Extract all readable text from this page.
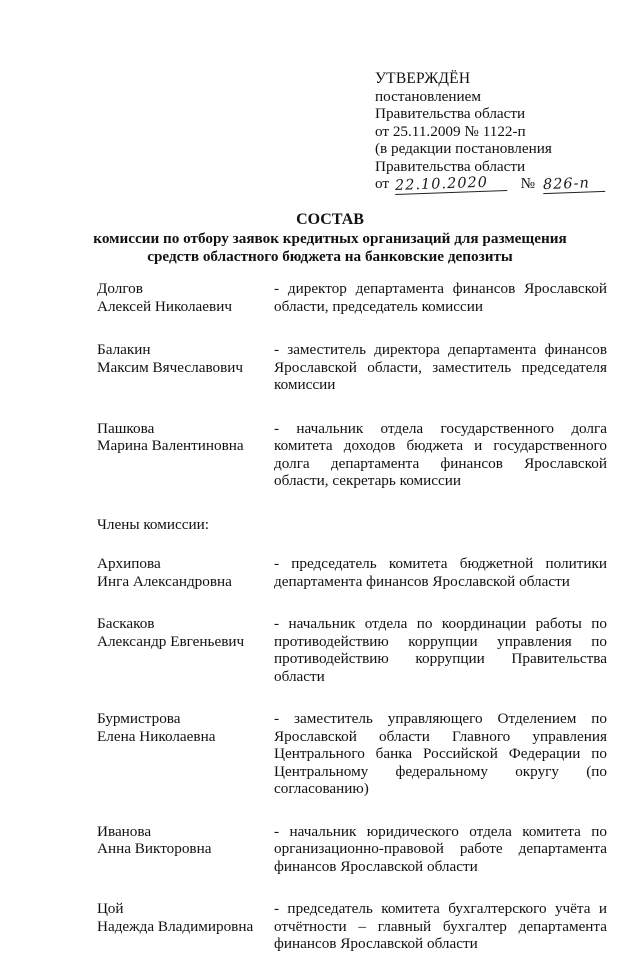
УТВЕРЖДЁН
постановлением
Правительства области
от 25.11.2009 № 1122-п
(в редакции постановления
Правительства области
от 22.10.2020 № 826-п
СОСТАВ
комиссии по отбору заявок кредитных организаций для размещения
средств областного бюджета на банковские депозиты
Долгов
Алексей Николаевич
- директор департамента финансов Ярославской области, председатель комиссии
Балакин
Максим Вячеславович
- заместитель директора департамента финансов Ярославской области, заместитель председателя комиссии
Пашкова
Марина Валентиновна
- начальник отдела государственного долга комитета доходов бюджета и государственного долга департамента финансов Ярославской области, секретарь комиссии
Члены комиссии:
Архипова
Инга Александровна
- председатель комитета бюджетной политики департамента финансов Ярославской области
Баскаков
Александр Евгеньевич
- начальник отдела по координации работы по противодействию коррупции управления по противодействию коррупции Правительства области
Бурмистрова
Елена Николаевна
- заместитель управляющего Отделением по Ярославской области Главного управления Центрального банка Российской Федерации по Центральному федеральному округу (по согласованию)
Иванова
Анна Викторовна
- начальник юридического отдела комитета по организационно-правовой работе департамента финансов Ярославской области
Цой
Надежда Владимировна
- председатель комитета бухгалтерского учёта и отчётности – главный бухгалтер департамента финансов Ярославской области
